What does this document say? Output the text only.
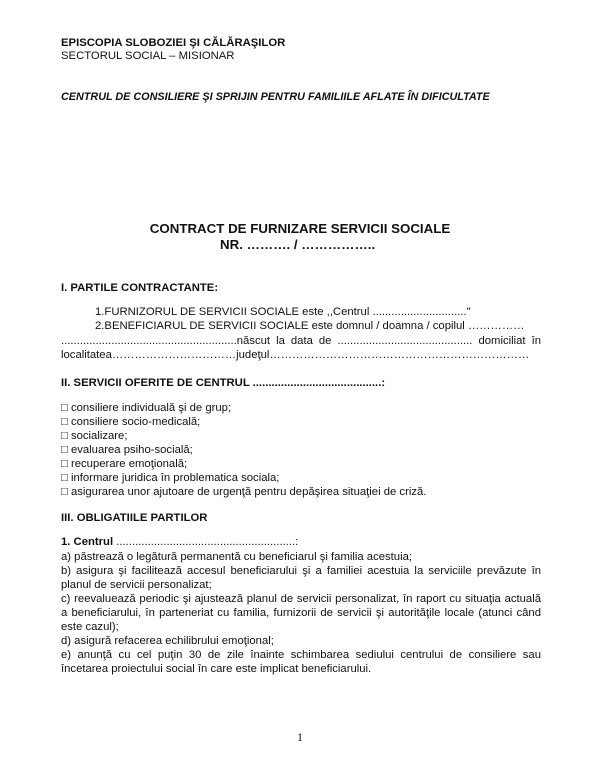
EPISCOPIA SLOBOZIEI ŞI CĂLĂRAŞILOR
SECTORUL SOCIAL – MISIONAR
CENTRUL DE CONSILIERE ŞI SPRIJIN PENTRU FAMILIILE AFLATE ÎN DIFICULTATE
CONTRACT DE FURNIZARE SERVICII SOCIALE
NR. ………. / ……………..
I. PARTILE CONTRACTANTE:
1.FURNIZORUL DE SERVICII SOCIALE este ,,Centrul .............................."
2.BENEFICIARUL DE SERVICII SOCIALE este domnul / doamna / copilul ……………
........................................................născut la data de ........................................... domiciliat în
localitatea……………………………judeţul……………………………………………………………
II. SERVICII OFERITE DE CENTRUL .........................................:
□ consiliere individuală şi de grup;
□ consiliere socio-medicală;
□ socializare;
□ evaluarea psiho-socială;
□ recuperare emoţională;
□ informare juridica în problematica sociala;
□ asigurarea unor ajutoare de urgenţă pentru depăşirea situaţiei de criză.
III. OBLIGATIILE PARTILOR
1. Centrul .........................................................:
a) păstrează o legătură permanentă cu beneficiarul şi familia acestuia;
b) asigura şi facilitează accesul beneficiarului şi a familiei acestuia la serviciile prevăzute în
planul de servicii personalizat;
c) reevaluează periodic şi ajustează planul de servicii personalizat, în raport cu situaţia actuală
a beneficiarului, în parteneriat cu familia, furnizorii de servicii şi autorităţile locale (atunci când
este cazul);
d) asigură refacerea echilibrului emoţional;
e) anunţă cu cel puţin 30 de zile înainte schimbarea sediului centrului de consiliere sau
încetarea proiectului social în care este implicat beneficiarului.
1
